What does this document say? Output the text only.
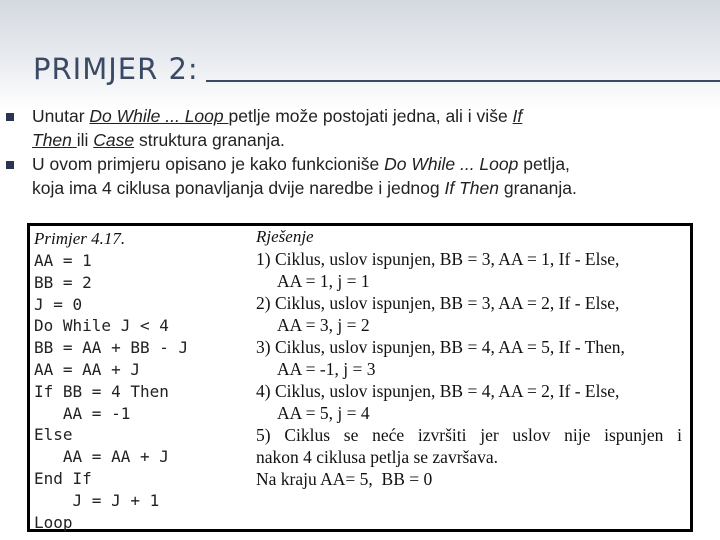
PRIMJER 2:
Unutar Do While ... Loop petlje može postojati jedna, ali i više If
Then ili Case struktura grananja.
U ovom primjeru opisano je kako funkcioniše Do While ... Loop petlja,
koja ima 4 ciklusa ponavljanja dvije naredbe i jednog If Then grananja.
Primjer 4.17.
AA = 1
BB = 2
J = 0
Do While J < 4
BB = AA + BB - J
AA = AA + J
If BB = 4 Then
AA = -1
Else
AA = AA + J
End If
J = J + 1
Loop
Rješenje
1) Ciklus, uslov ispunjen, BB = 3, AA = 1, If - Else,
AA = 1, j = 1
2) Ciklus, uslov ispunjen, BB = 3, AA = 2, If - Else,
AA = 3, j = 2
3) Ciklus, uslov ispunjen, BB = 4, AA = 5, If - Then,
AA = -1, j = 3
4) Ciklus, uslov ispunjen, BB = 4, AA = 2, If - Else,
AA = 5, j = 4
5) Ciklus se neće izvršiti jer uslov nije ispunjen i
nakon 4 ciklusa petlja se završava.
Na kraju AA= 5,  BB = 0
